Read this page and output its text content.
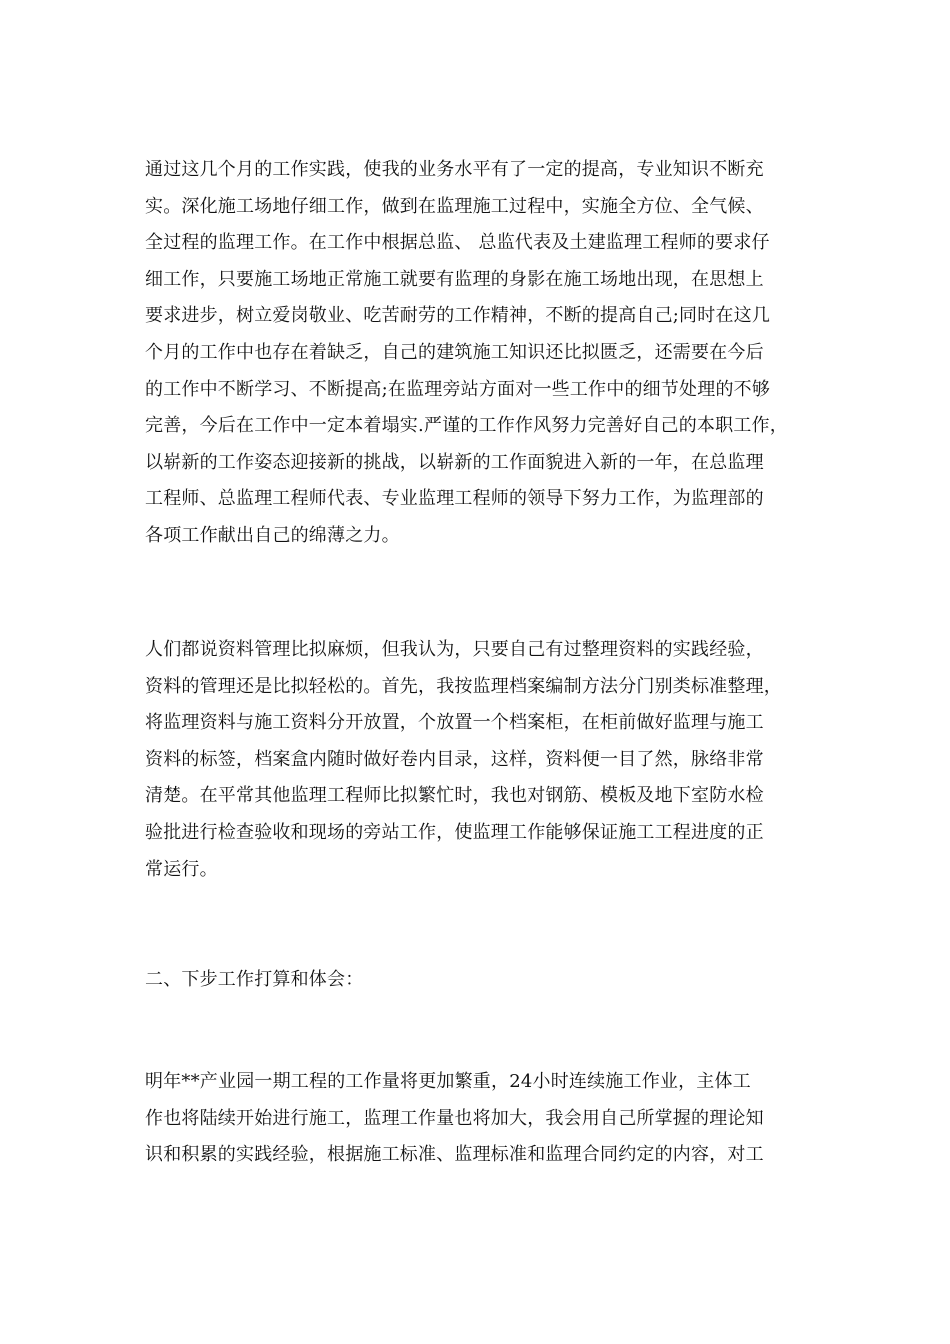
通过这几个月的工作实践，使我的业务水平有了一定的提高，专业知识不断充
实。深化施工场地仔细工作，做到在监理施工过程中，实施全方位、全气候、
全过程的监理工作。在工作中根据总监、 总监代表及土建监理工程师的要求仔
细工作，只要施工场地正常施工就要有监理的身影在施工场地出现，在思想上
要求进步，树立爱岗敬业、吃苦耐劳的工作精神，不断的提高自己;同时在这几
个月的工作中也存在着缺乏，自己的建筑施工知识还比拟匮乏，还需要在今后
的工作中不断学习、不断提高;在监理旁站方面对一些工作中的细节处理的不够
完善，今后在工作中一定本着塌实.严谨的工作作风努力完善好自己的本职工作，
以崭新的工作姿态迎接新的挑战，以崭新的工作面貌进入新的一年，在总监理
工程师、总监理工程师代表、专业监理工程师的领导下努力工作，为监理部的
各项工作献出自己的绵薄之力。
人们都说资料管理比拟麻烦，但我认为，只要自己有过整理资料的实践经验，
资料的管理还是比拟轻松的。首先，我按监理档案编制方法分门别类标准整理，
将监理资料与施工资料分开放置，个放置一个档案柜，在柜前做好监理与施工
资料的标签，档案盒内随时做好卷内目录，这样，资料便一目了然，脉络非常
清楚。在平常其他监理工程师比拟繁忙时，我也对钢筋、模板及地下室防水检
验批进行检查验收和现场的旁站工作，使监理工作能够保证施工工程进度的正
常运行。
二、下步工作打算和体会：
明年**产业园一期工程的工作量将更加繁重，24小时连续施工作业，主体工
作也将陆续开始进行施工，监理工作量也将加大，我会用自己所掌握的理论知
识和积累的实践经验，根据施工标准、监理标准和监理合同约定的内容，对工
